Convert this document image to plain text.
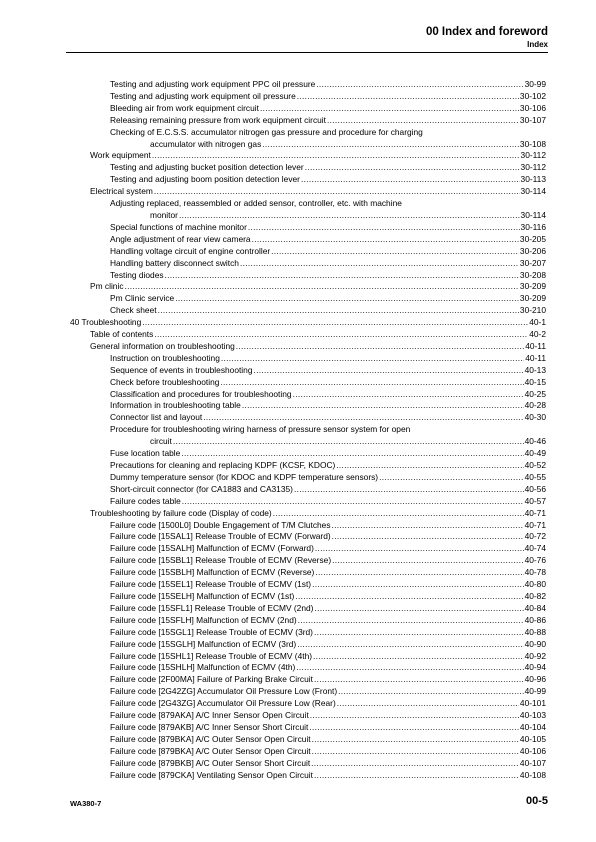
00 Index and foreword
Index
Testing and adjusting work equipment PPC oil pressure .....	30-99
Testing and adjusting work equipment oil pressure .....	30-102
Bleeding air from work equipment circuit .....	30-106
Releasing remaining pressure from work equipment circuit .....	30-107
Checking of E.C.S.S. accumulator nitrogen gas pressure and procedure for charging
accumulator with nitrogen gas .....	30-108
Work equipment .....	30-112
Testing and adjusting bucket position detection lever .....	30-112
Testing and adjusting boom position detection lever .....	30-113
Electrical system .....	30-114
Adjusting replaced, reassembled or added sensor, controller, etc. with machine
monitor .....	30-114
Special functions of machine monitor .....	30-116
Angle adjustment of rear view camera .....	30-205
Handling voltage circuit of engine controller .....	30-206
Handling battery disconnect switch .....	30-207
Testing diodes .....	30-208
Pm clinic .....	30-209
Pm Clinic service .....	30-209
Check sheet .....	30-210
40 Troubleshooting .....	40-1
Table of contents .....	40-2
General information on troubleshooting .....	40-11
Instruction on troubleshooting .....	40-11
Sequence of events in troubleshooting .....	40-13
Check before troubleshooting .....	40-15
Classification and procedures for troubleshooting .....	40-25
Information in troubleshooting table .....	40-28
Connector list and layout .....	40-30
Procedure for troubleshooting wiring harness of pressure sensor system for open
circuit .....	40-46
Fuse location table .....	40-49
Precautions for cleaning and replacing KDPF (KCSF, KDOC) .....	40-52
Dummy temperature sensor (for KDOC and KDPF temperature sensors) .....	40-55
Short-circuit connector (for CA1883 and CA3135) .....	40-56
Failure codes table .....	40-57
Troubleshooting by failure code (Display of code) .....	40-71
Failure code [1500L0] Double Engagement of T/M Clutches .....	40-71
Failure code [15SAL1] Release Trouble of ECMV (Forward) .....	40-72
Failure code [15SALH] Malfunction of ECMV (Forward) .....	40-74
Failure code [15SBL1] Release Trouble of ECMV (Reverse) .....	40-76
Failure code [15SBLH] Malfunction of ECMV (Reverse) .....	40-78
Failure code [15SEL1] Release Trouble of ECMV (1st) .....	40-80
Failure code [15SELH] Malfunction of ECMV (1st) .....	40-82
Failure code [15SFL1] Release Trouble of ECMV (2nd) .....	40-84
Failure code [15SFLH] Malfunction of ECMV (2nd) .....	40-86
Failure code [15SGL1] Release Trouble of ECMV (3rd) .....	40-88
Failure code [15SGLH] Malfunction of ECMV (3rd) .....	40-90
Failure code [15SHL1] Release Trouble of ECMV (4th) .....	40-92
Failure code [15SHLH] Malfunction of ECMV (4th) .....	40-94
Failure code [2F00MA] Failure of Parking Brake Circuit .....	40-96
Failure code [2G42ZG] Accumulator Oil Pressure Low (Front) .....	40-99
Failure code [2G43ZG] Accumulator Oil Pressure Low (Rear) .....	40-101
Failure code [879AKA] A/C Inner Sensor Open Circuit .....	40-103
Failure code [879AKB] A/C Inner Sensor Short Circuit .....	40-104
Failure code [879BKA] A/C Outer Sensor Open Circuit .....	40-105
Failure code [879BKA] A/C Outer Sensor Open Circuit .....	40-106
Failure code [879BKB] A/C Outer Sensor Short Circuit .....	40-107
Failure code [879CKA] Ventilating Sensor Open Circuit .....	40-108
WA380-7	00-5
